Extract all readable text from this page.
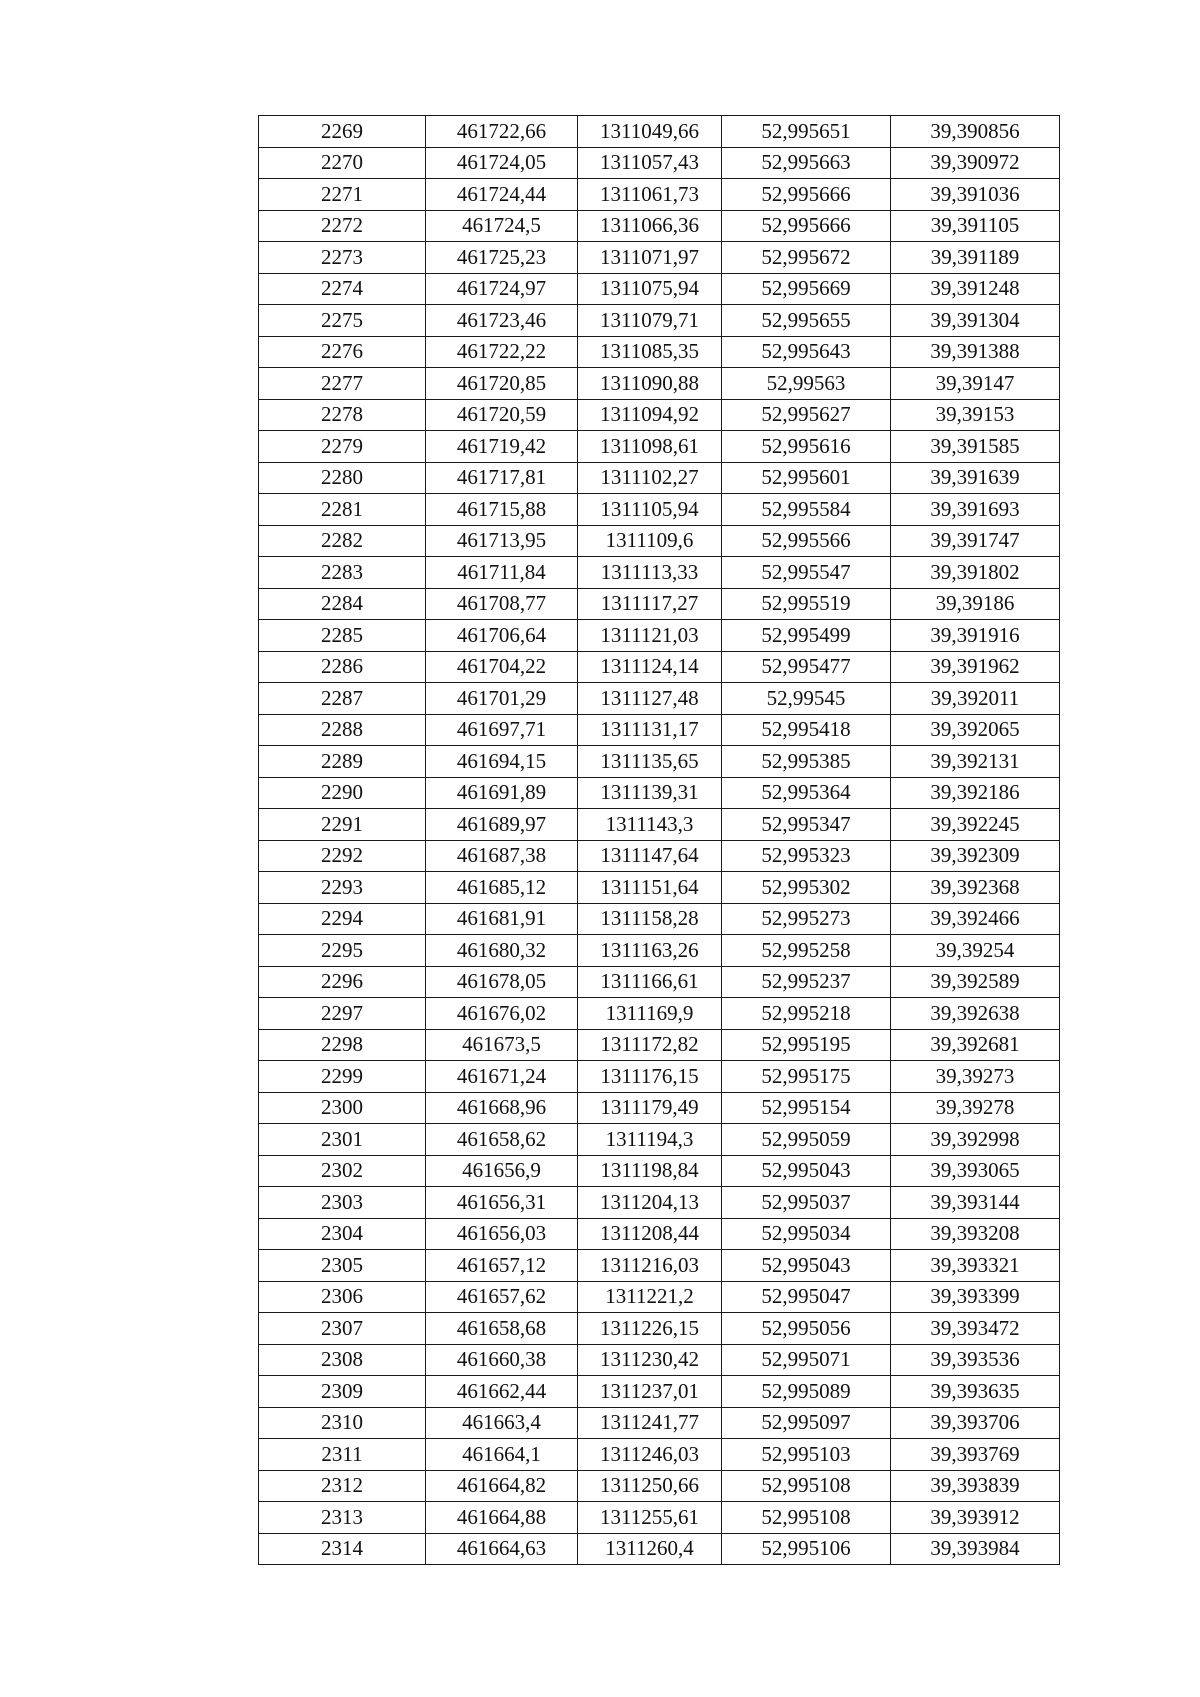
2269	461722,66	1311049,66	52,995651	39,390856
2270	461724,05	1311057,43	52,995663	39,390972
2271	461724,44	1311061,73	52,995666	39,391036
2272	461724,5	1311066,36	52,995666	39,391105
2273	461725,23	1311071,97	52,995672	39,391189
2274	461724,97	1311075,94	52,995669	39,391248
2275	461723,46	1311079,71	52,995655	39,391304
2276	461722,22	1311085,35	52,995643	39,391388
2277	461720,85	1311090,88	52,99563	39,39147
2278	461720,59	1311094,92	52,995627	39,39153
2279	461719,42	1311098,61	52,995616	39,391585
2280	461717,81	1311102,27	52,995601	39,391639
2281	461715,88	1311105,94	52,995584	39,391693
2282	461713,95	1311109,6	52,995566	39,391747
2283	461711,84	1311113,33	52,995547	39,391802
2284	461708,77	1311117,27	52,995519	39,39186
2285	461706,64	1311121,03	52,995499	39,391916
2286	461704,22	1311124,14	52,995477	39,391962
2287	461701,29	1311127,48	52,99545	39,392011
2288	461697,71	1311131,17	52,995418	39,392065
2289	461694,15	1311135,65	52,995385	39,392131
2290	461691,89	1311139,31	52,995364	39,392186
2291	461689,97	1311143,3	52,995347	39,392245
2292	461687,38	1311147,64	52,995323	39,392309
2293	461685,12	1311151,64	52,995302	39,392368
2294	461681,91	1311158,28	52,995273	39,392466
2295	461680,32	1311163,26	52,995258	39,39254
2296	461678,05	1311166,61	52,995237	39,392589
2297	461676,02	1311169,9	52,995218	39,392638
2298	461673,5	1311172,82	52,995195	39,392681
2299	461671,24	1311176,15	52,995175	39,39273
2300	461668,96	1311179,49	52,995154	39,39278
2301	461658,62	1311194,3	52,995059	39,392998
2302	461656,9	1311198,84	52,995043	39,393065
2303	461656,31	1311204,13	52,995037	39,393144
2304	461656,03	1311208,44	52,995034	39,393208
2305	461657,12	1311216,03	52,995043	39,393321
2306	461657,62	1311221,2	52,995047	39,393399
2307	461658,68	1311226,15	52,995056	39,393472
2308	461660,38	1311230,42	52,995071	39,393536
2309	461662,44	1311237,01	52,995089	39,393635
2310	461663,4	1311241,77	52,995097	39,393706
2311	461664,1	1311246,03	52,995103	39,393769
2312	461664,82	1311250,66	52,995108	39,393839
2313	461664,88	1311255,61	52,995108	39,393912
2314	461664,63	1311260,4	52,995106	39,393984
